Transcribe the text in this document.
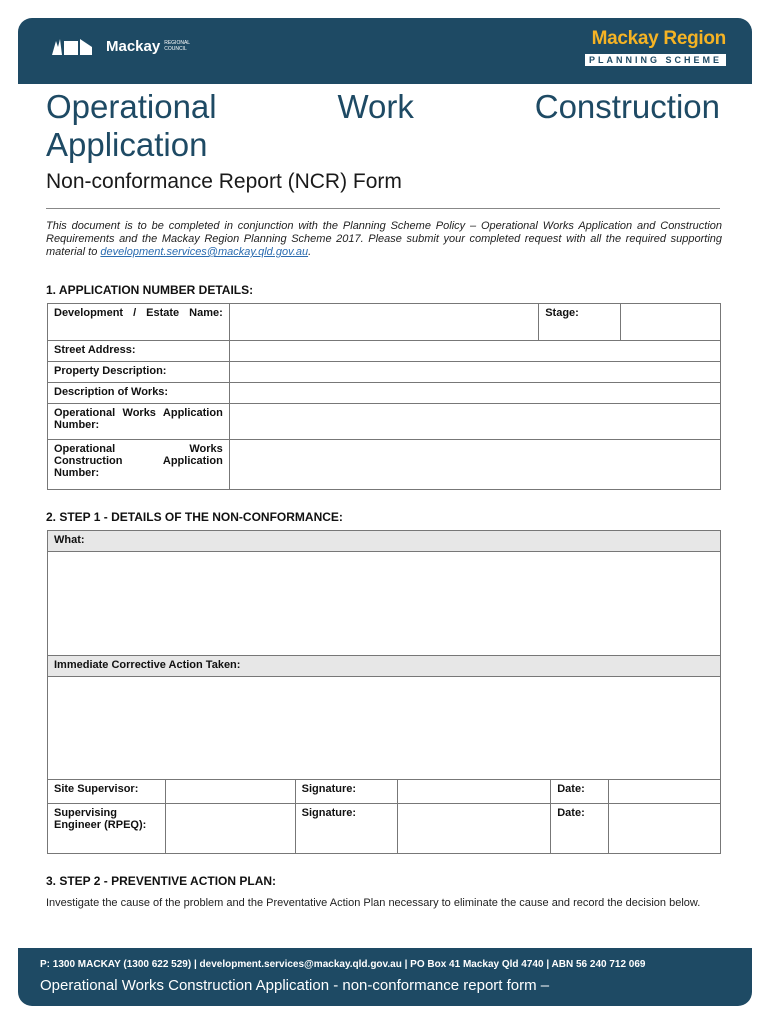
Mackay REGIONAL COUNCIL	Mackay Region
PLANNING SCHEME
Operational	Work	Construction
Application
Non-conformance Report (NCR) Form
This document is to be completed in conjunction with the Planning Scheme Policy – Operational Works Application and Construction Requirements and the Mackay Region Planning Scheme 2017. Please submit your completed request with all the required supporting material to development.services@mackay.qld.gov.au.
1. APPLICATION NUMBER DETAILS:
Development / Estate Name:		Stage:	
Street Address:			
Property Description:			
Description of Works:			
Operational Works Application Number:			
Operational Works Construction Application Number:			
2. STEP 1 - DETAILS OF THE NON-CONFORMANCE:
What:					

Immediate Corrective Action Taken:					

Site Supervisor:		Signature:		Date:	
Supervising Engineer (RPEQ):		Signature:		Date:	
3. STEP 2 - PREVENTIVE ACTION PLAN:
Investigate the cause of the problem and the Preventative Action Plan necessary to eliminate the cause and record the decision below.
P: 1300 MACKAY (1300 622 529) | development.services@mackay.qld.gov.au | PO Box 41 Mackay Qld 4740 | ABN 56 240 712 069
Operational Works Construction Application - non-conformance report form –
